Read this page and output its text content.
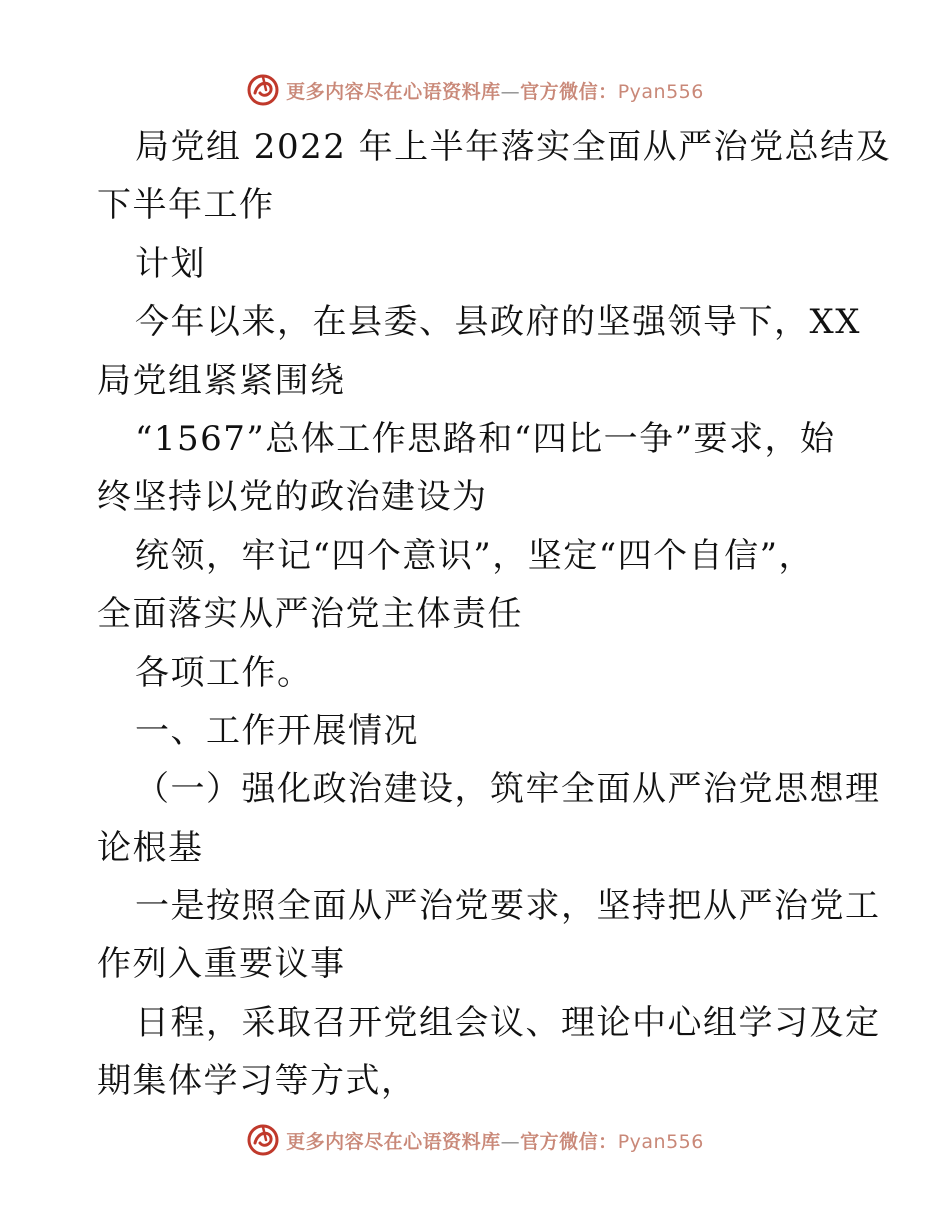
更多内容尽在心语资料库—官方微信：Pyan556
局党组 2022 年上半年落实全面从严治党总结及
下半年工作
计划
今年以来，在县委、县政府的坚强领导下，XX
局党组紧紧围绕
“1567”总体工作思路和“四比一争”要求，始
终坚持以党的政治建设为
统领，牢记“四个意识”，坚定“四个自信”，
全面落实从严治党主体责任
各项工作。
一、工作开展情况
（一）强化政治建设，筑牢全面从严治党思想理
论根基
一是按照全面从严治党要求，坚持把从严治党工
作列入重要议事
日程，采取召开党组会议、理论中心组学习及定
期集体学习等方式，
更多内容尽在心语资料库—官方微信：Pyan556
